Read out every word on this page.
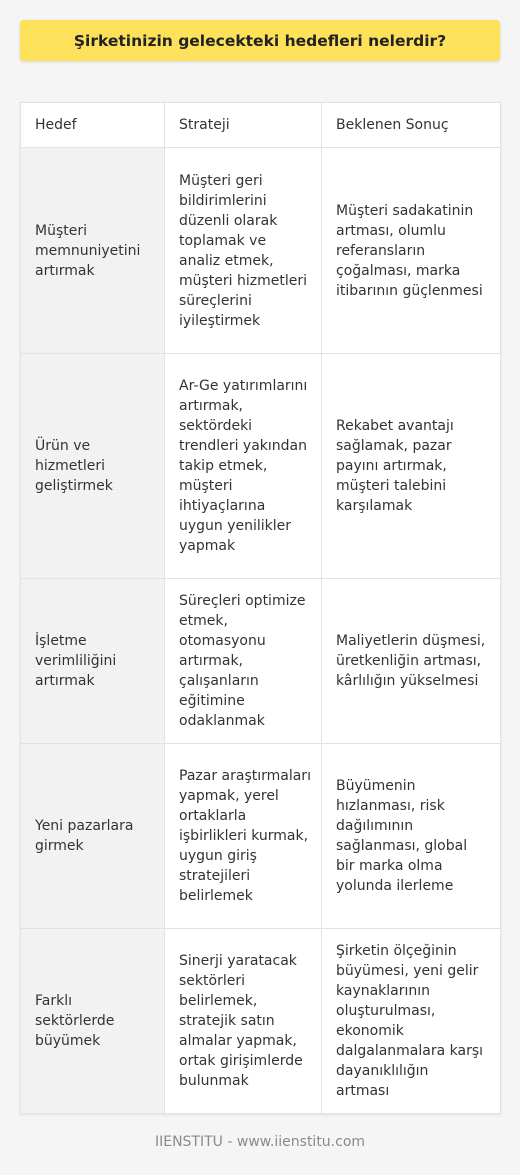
Şirketinizin gelecekteki hedefleri nelerdir?
Hedef	Strateji	Beklenen Sonuç
Müşteri memnuniyetini artırmak	Müşteri geri bildirimlerini düzenli olarak toplamak ve analiz etmek, müşteri hizmetleri süreçlerini iyileştirmek	Müşteri sadakatinin artması, olumlu referansların çoğalması, marka itibarının güçlenmesi
Ürün ve hizmetleri geliştirmek	Ar-Ge yatırımlarını artırmak, sektördeki trendleri yakından takip etmek, müşteri ihtiyaçlarına uygun yenilikler yapmak	Rekabet avantajı sağlamak, pazar payını artırmak, müşteri talebini karşılamak
İşletme verimliliğini artırmak	Süreçleri optimize etmek, otomasyonu artırmak, çalışanların eğitimine odaklanmak	Maliyetlerin düşmesi, üretkenliğin artması, kârlılığın yükselmesi
Yeni pazarlara girmek	Pazar araştırmaları yapmak, yerel ortaklarla işbirlikleri kurmak, uygun giriş stratejileri belirlemek	Büyümenin hızlanması, risk dağılımının sağlanması, global bir marka olma yolunda ilerleme
Farklı sektörlerde büyümek	Sinerji yaratacak sektörleri belirlemek, stratejik satın almalar yapmak, ortak girişimlerde bulunmak	Şirketin ölçeğinin büyümesi, yeni gelir kaynaklarının oluşturulması, ekonomik dalgalanmalara karşı dayanıklılığın artması
IIENSTITU - www.iienstitu.com
